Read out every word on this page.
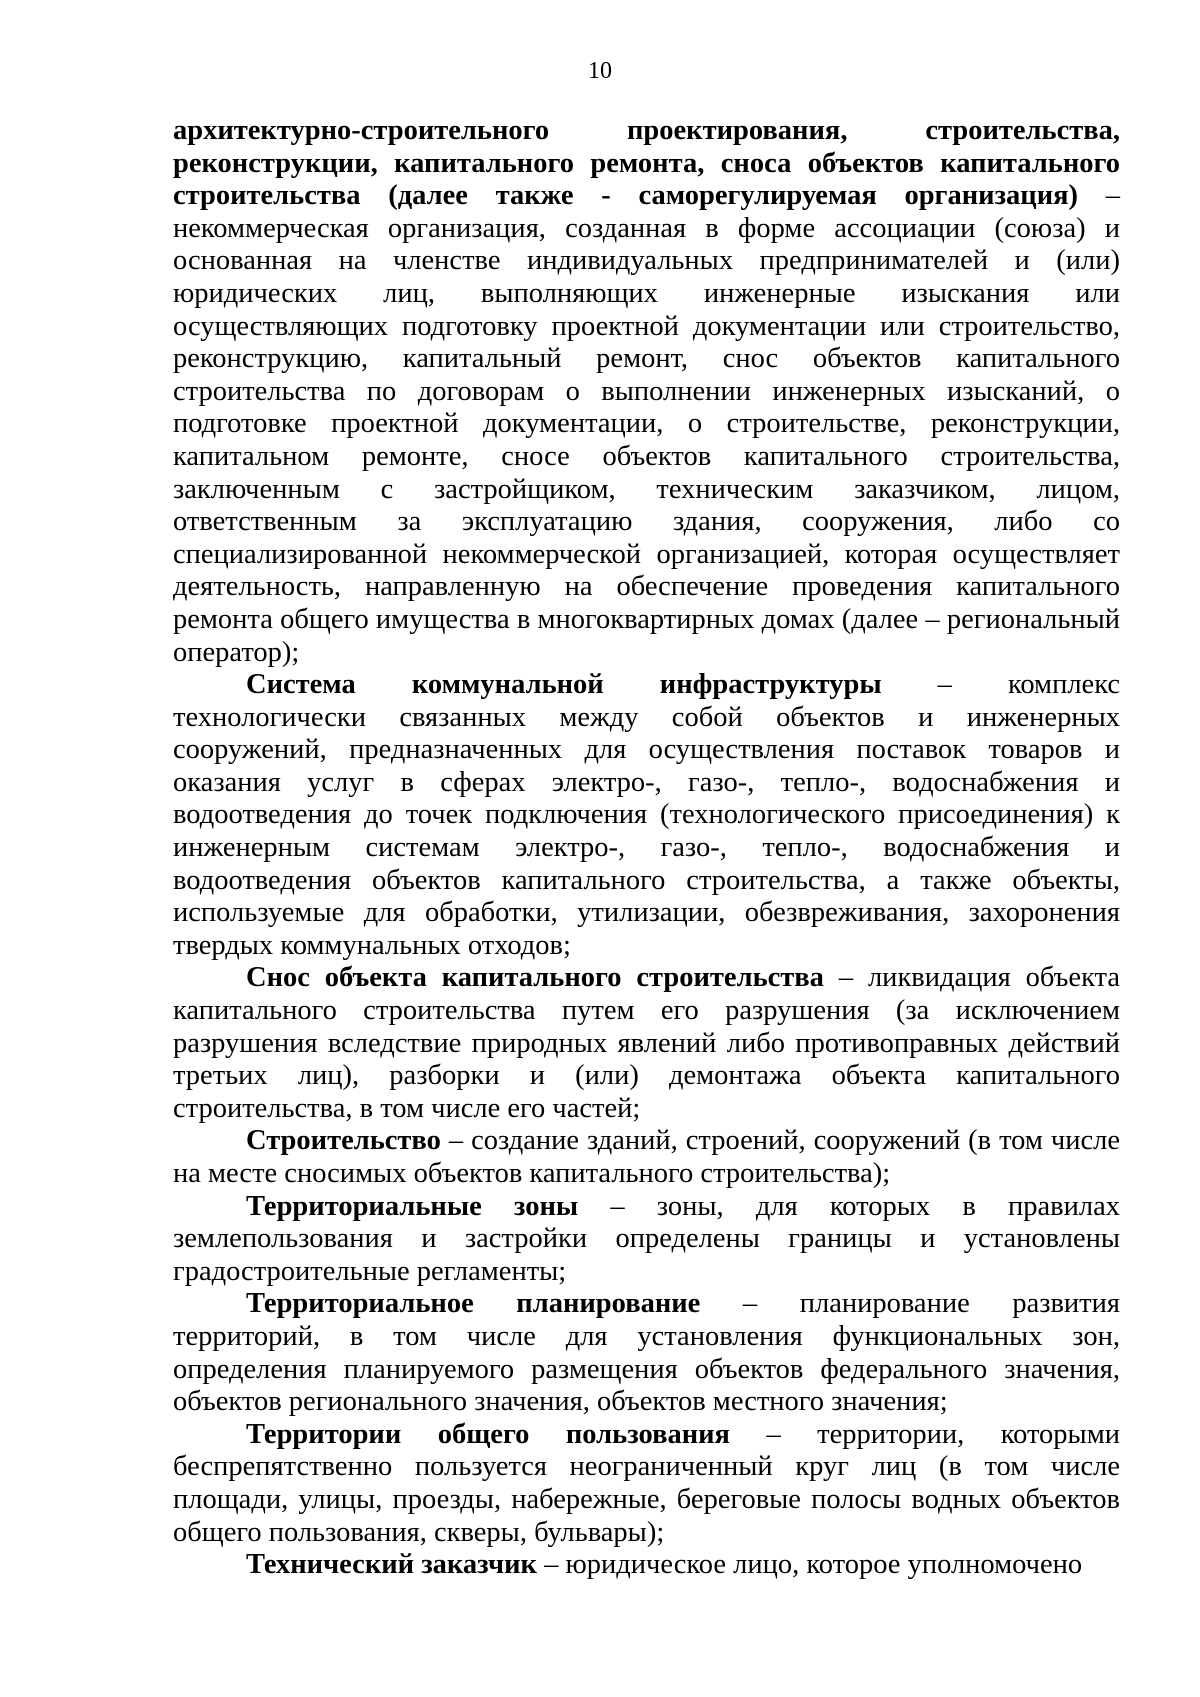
10

архитектурно-строительного проектирования, строительства, реконструкции, капитального ремонта, сноса объектов капитального строительства (далее также - саморегулируемая организация) – некоммерческая организация, созданная в форме ассоциации (союза) и основанная на членстве индивидуальных предпринимателей и (или) юридических лиц, выполняющих инженерные изыскания или осуществляющих подготовку проектной документации или строительство, реконструкцию, капитальный ремонт, снос объектов капитального строительства по договорам о выполнении инженерных изысканий, о подготовке проектной документации, о строительстве, реконструкции, капитальном ремонте, сносе объектов капитального строительства, заключенным с застройщиком, техническим заказчиком, лицом, ответственным за эксплуатацию здания, сооружения, либо со специализированной некоммерческой организацией, которая осуществляет деятельность, направленную на обеспечение проведения капитального ремонта общего имущества в многоквартирных домах (далее – региональный оператор);

Система коммунальной инфраструктуры – комплекс технологически связанных между собой объектов и инженерных сооружений, предназначенных для осуществления поставок товаров и оказания услуг в сферах электро-, газо-, тепло-, водоснабжения и водоотведения до точек подключения (технологического присоединения) к инженерным системам электро-, газо-, тепло-, водоснабжения и водоотведения объектов капитального строительства, а также объекты, используемые для обработки, утилизации, обезвреживания, захоронения твердых коммунальных отходов;

Снос объекта капитального строительства – ликвидация объекта капитального строительства путем его разрушения (за исключением разрушения вследствие природных явлений либо противоправных действий третьих лиц), разборки и (или) демонтажа объекта капитального строительства, в том числе его частей;

Строительство – создание зданий, строений, сооружений (в том числе на месте сносимых объектов капитального строительства);

Территориальные зоны – зоны, для которых в правилах землепользования и застройки определены границы и установлены градостроительные регламенты;

Территориальное планирование – планирование развития территорий, в том числе для установления функциональных зон, определения планируемого размещения объектов федерального значения, объектов регионального значения, объектов местного значения;

Территории общего пользования – территории, которыми беспрепятственно пользуется неограниченный круг лиц (в том числе площади, улицы, проезды, набережные, береговые полосы водных объектов общего пользования, скверы, бульвары);

Технический заказчик – юридическое лицо, которое уполномочено
